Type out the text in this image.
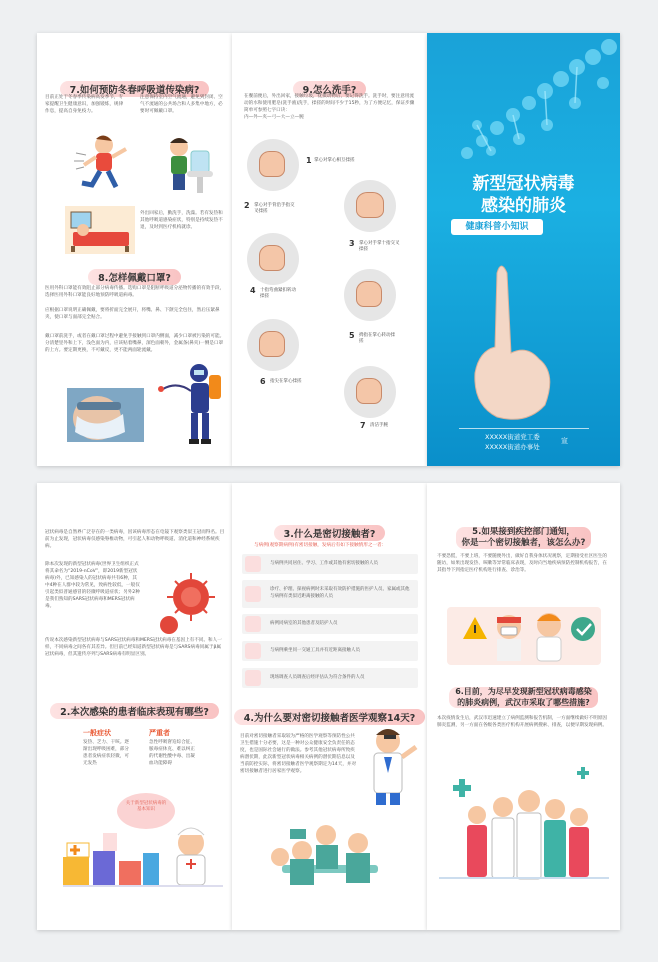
7.如何预防冬春呼吸道传染病?
目前正处于冬春季传染病高发季节，专家提醒卫生健康意识，加强锻炼，规律作息，提高自身免疫力。
注意保持室内空气流通，避免到封闭、空气不流通的公共场合和人多集中地方，必要时可佩戴口罩。
外出回家后，勤洗手，洗澡。若有发热和其他呼吸道感染症状，特别是持续发热不退，及时到医疗机构就诊。
8.怎样佩戴口罩?
医用外科口罩能有效阻止部分病毒传播。选购口罩是阻断呼吸道分泌物传播的有效手段，选择医用外科口罩能良好地预防呼吸道病毒。
应根据口罩说明正确佩戴，要将折面完全展开，将嘴、鼻、下颌完全包住，然后压紧鼻夹，使口罩与面部完全贴合。
戴口罩前洗手，或者在戴口罩过程中避免手接触到口罩内侧面，减少口罩被污染的可能。分清楚里外和上下，浅色面为内，应该贴着嘴鼻，深色面朝外，金属条(鼻夹)一侧是口罩的上方。要定期更换，不可戴反，更不能两面轮流戴。
9.怎么洗手?
在餐前便后，外出回家，接触垃圾，抚摸动物后，要记得洗手。洗手时，要注意用流动的水和使用肥皂(洗手液)洗手，揉搓的时间不少于15秒，为了方便记忆，保证步骤简单可参照七字口诀：
内—外—夹—弓—大—立—腕
1 掌心对掌心相互揉搓
2 掌心对手背沿手指交叉揉搓
3 掌心对手掌十指交叉揉搓
4 十指弯曲紧扣转动揉搓
5 拇指在掌心转动揉搓
6 指尖在掌心揉搓
7 清洁手腕
新型冠状病毒
感染的肺炎
健康科普小知识
XXXXX街道党工委
XXXXX街道办事处
宣
冠状病毒是自然界广泛存在的一类病毒，因该病毒形态在电镜下观察类似王冠而得名。目前为止发现，冠状病毒仅感染脊椎动物，可引起人和动物呼吸道、消化道和神经系统疾病。
除本次发现的新型冠状病毒(世界卫生组织正式将其命名为“2019-nCoV”，即2019新型冠状病毒)外，已知感染人的冠状病毒共有6种，其中4种在人群中较为常见，致病性较低，一般仅引起类似普通感冒的轻微呼吸道症状；另外2种是我们熟知的SARS冠状病毒和MERS冠状病毒。
传说本次感染新型冠状病毒与SARS冠状病毒和MERS冠状病毒在基因上有不同。和人一样，不同病毒之间各有其差异。但目前已经知道新型冠状病毒是与SARS病毒同属于β属冠状病毒，但其遗传序列与SARS病毒有明显区别。
2.本次感染的患者临床表现有哪些?
一般症状
发热、乏力、干咳。逐渐出现呼吸困难，部分患者发病症状轻微，可无发热
严重者
急性呼吸窘迫综合征、脓毒症休克、难以纠正的代谢性酸中毒、出凝血功能障碍
关于新型冠状病毒的基本知识
3.什么是密切接触者?
与病例(观察期病例)有密切接触，发病后有如下接触情形之一者：
与病例共同居住、学习、工作或其他有密切接触的人员
诊疗、护理、探视病例时未采取有效防护措施的医护人员、家属或其他与病例有类似近距离接触的人员
病例同病室的其他患者及陪护人员
与病例乘坐同一交通工具并有近距离接触人员
现场调查人员调查后经评估认为符合条件的人员
4.为什么要对密切接触者医学观察14天?
目前对密切接触者采取较为严格的医学观察等预防性公共卫生措施十分必要，这是一种对公众健康安全负责任的态度，也是国际社会通行的做法。参考其他冠状病毒所致疾病潜伏期，此次新型冠状病毒相关病例的潜伏期信息以及当前防控实际，将密切接触者医学观察期定为14天，并对密切接触者进行居家医学观察。
5.如果接到疾控部门通知，
你是一个密切接触者，该怎么办?
不要恐慌，不要上班，不要随便外出，做好自我身体状况观察，定期接受社区医生的随访，如果出现发热、咳嗽等异常临床表现，及时向当地疾病预防控制机构报告，在其指导下到指定医疗机构进行排查、诊治等。
6.目前，为尽早发现新型冠状病毒感染
的肺炎病例，武汉市采取了哪些措施?
本次疫情发生后，武汉市迅速建立了病例监测和报告机制，一方面继续做好不明原因肺炎监测，另一方面在各级各类医疗机构开展病例搜索、排查，以便早期发现病例。
